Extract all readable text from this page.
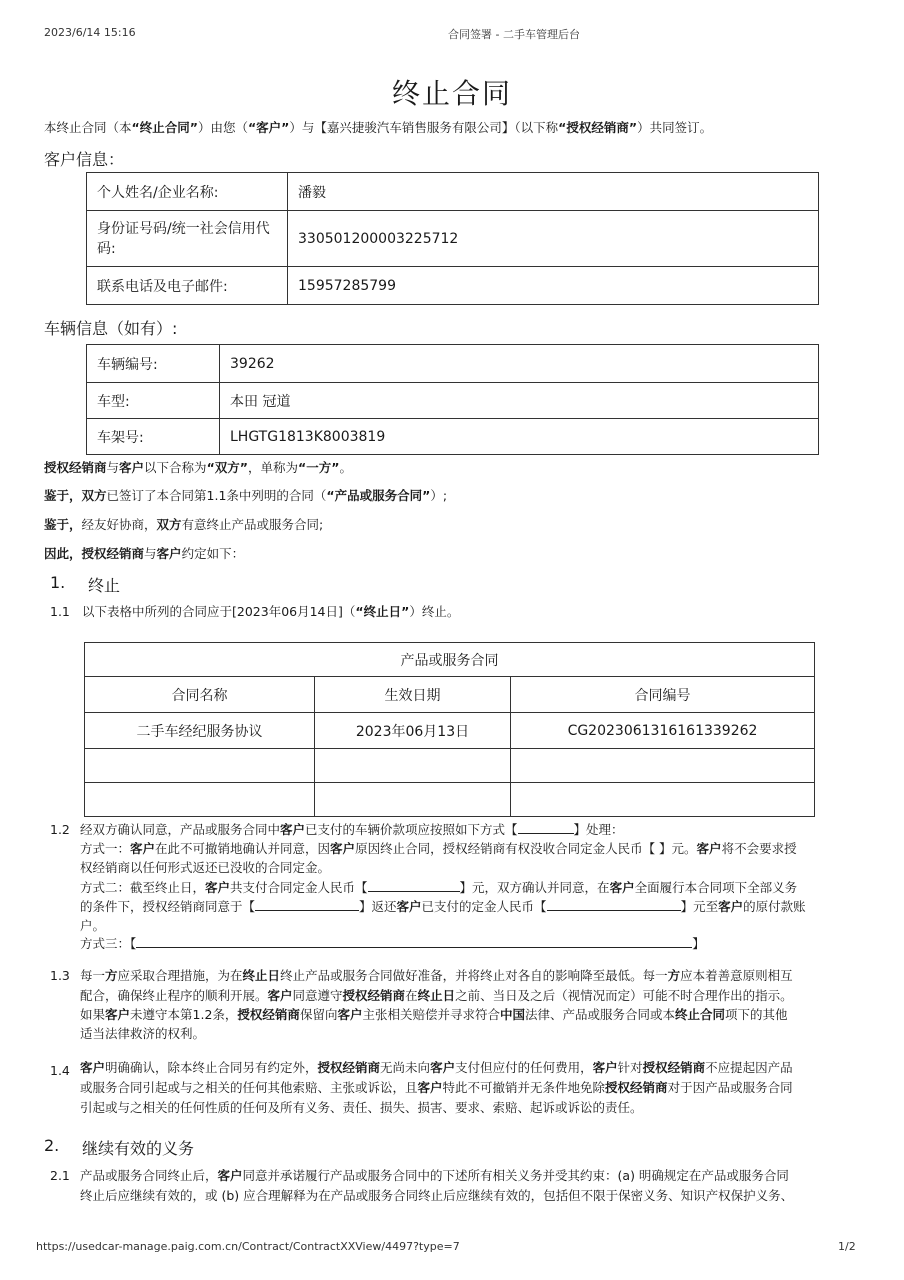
2023/6/14 15:16	合同签署 - 二手车管理后台
终止合同
本终止合同（本“终止合同”）由您（“客户”）与【嘉兴捷骏汽车销售服务有限公司】（以下称“授权经销商”）共同签订。
客户信息：
个人姓名/企业名称:	潘毅
身份证号码/统一社会信用代码:	330501200003225712
联系电话及电子邮件:	15957285799
车辆信息（如有）:
车辆编号:	39262
车型:	本田 冠道
车架号:	LHGTG1813K8003819
授权经销商与客户以下合称为“双方”，单称为“一方”。
鉴于，双方已签订了本合同第1.1条中列明的合同（“产品或服务合同”）;
鉴于，经友好协商，双方有意终止产品或服务合同;
因此，授权经销商与客户约定如下：
1. 终止
1.1 以下表格中所列的合同应于[2023年06月14日]（“终止日”）终止。
产品或服务合同		
合同名称	生效日期	合同编号
二手车经纪服务协议	2023年06月13日	CG2023061316161339262

1.2 经双方确认同意，产品或服务合同中客户已支付的车辆价款项应按照如下方式【	】处理：
方式一：客户在此不可撤销地确认并同意，因客户原因终止合同，授权经销商有权没收合同定金人民币【 】元。客户将不会要求授
权经销商以任何形式返还已没收的合同定金。
方式二：截至终止日，客户共支付合同定金人民币【	】元，双方确认并同意，在客户全面履行本合同项下全部义务
的条件下，授权经销商同意于【	】返还客户已支付的定金人民币【	】元至客户的原付款账
户。
方式三：【	】
1.3 每一方应采取合理措施，为在终止日终止产品或服务合同做好准备，并将终止对各自的影响降至最低。每一方应本着善意原则相互
配合，确保终止程序的顺利开展。客户同意遵守授权经销商在终止日之前、当日及之后（视情况而定）可能不时合理作出的指示。
如果客户未遵守本第1.2条，授权经销商保留向客户主张相关赔偿并寻求符合中国法律、产品或服务合同或本终止合同项下的其他
适当法律救济的权利。
1.4 客户明确确认，除本终止合同另有约定外，授权经销商无尚未向客户支付但应付的任何费用，客户针对授权经销商不应提起因产品
或服务合同引起或与之相关的任何其他索赔、主张或诉讼，且客户特此不可撤销并无条件地免除授权经销商对于因产品或服务合同
引起或与之相关的任何性质的任何及所有义务、责任、损失、损害、要求、索赔、起诉或诉讼的责任。
2. 继续有效的义务
2.1 产品或服务合同终止后，客户同意并承诺履行产品或服务合同中的下述所有相关义务并受其约束：(a) 明确规定在产品或服务合同
终止后应继续有效的，或 (b) 应合理解释为在产品或服务合同终止后应继续有效的，包括但不限于保密义务、知识产权保护义务、
https://usedcar-manage.paig.com.cn/Contract/ContractXXView/4497?type=7	1/2
